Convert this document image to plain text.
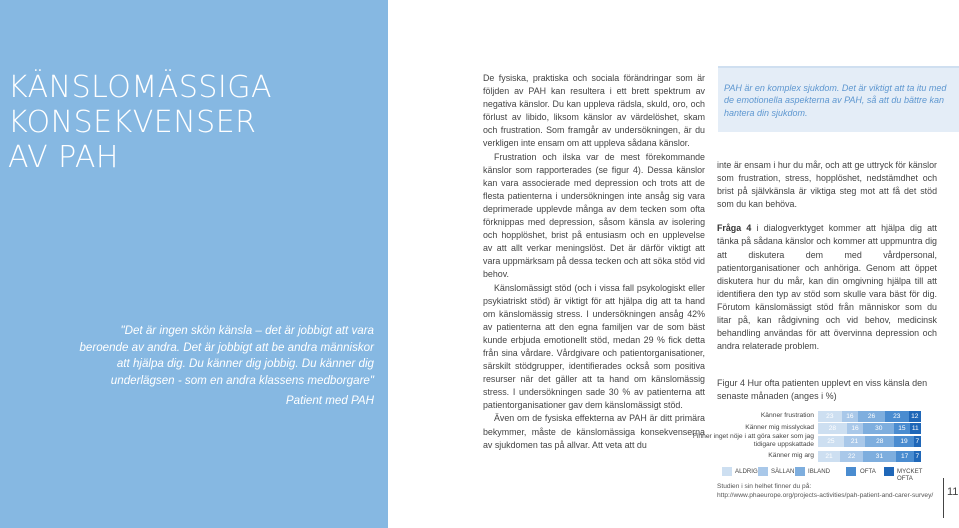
KÄNSLOMÄSSIGA
KONSEKVENSER
AV PAH
"Det är ingen skön känsla – det är jobbigt att vara
beroende av andra. Det är jobbigt att be andra människor
att hjälpa dig. Du känner dig jobbig. Du känner dig
underlägsen - som en andra klassens medborgare"
Patient med PAH

De fysiska, praktiska och sociala förändringar som är följden av PAH kan resultera i ett brett spektrum av negativa känslor. Du kan uppleva rädsla, skuld, oro, och förlust av libido, liksom känslor av värdelöshet, skam och frustration. Som framgår av undersökningen, är du verkligen inte ensam om att uppleva sådana känslor.

Frustration och ilska var de mest förekommande känslor som rapporterades (se figur 4). Dessa känslor kan vara associerade med depression och trots att de flesta patienterna i undersökningen inte ansåg sig vara deprimerade upplevde många av dem tecken som ofta förknippas med depression, såsom känsla av isolering och hopplöshet, brist på entusiasm och en upplevelse av att allt verkar meningslöst. Det är därför viktigt att vara uppmärksam på dessa tecken och att söka stöd vid behov.

Känslomässigt stöd (och i vissa fall psykologiskt eller psykiatriskt stöd) är viktigt för att hjälpa dig att ta hand om känslomässig stress. I undersökningen ansåg 42% av patienterna att den egna familjen var de som bäst kunde erbjuda emotionellt stöd, medan 29 % fick detta från sina vårdare. Vårdgivare och patientorganisationer, särskilt stödgrupper, identifierades också som positiva resurser när det gäller att ta hand om känslomässig stress. I undersökningen sade 30 % av patienterna att patientorganisationer gav dem känslomässigt stöd.

Även om de fysiska effekterna av PAH är ditt primära bekymmer, måste de känslomässiga konsekvenserna av sjukdomen tas på allvar. Att veta att du

PAH är en komplex sjukdom. Det är viktigt att ta itu med de emotionella aspekterna av PAH, så att du bättre kan hantera din sjukdom.

inte är ensam i hur du mår, och att ge uttryck för känslor som frustration, stress, hopplöshet, nedstämdhet och brist på självkänsla är viktiga steg mot att få det stöd som du kan behöva.

Fråga 4 i dialogverktyget kommer att hjälpa dig att tänka på sådana känslor och kommer att uppmuntra dig att diskutera dem med vårdpersonal, patientorganisationer och anhöriga. Genom att öppet diskutera hur du mår, kan din omgivning hjälpa till att identifiera den typ av stöd som skulle vara bäst för dig. Förutom känslomässigt stöd från människor som du litar på, kan rådgivning och vid behov, medicinsk behandling användas för att övervinna depression och andra relaterade problem.

Figur 4 Hur ofta patienten upplevt en viss känsla den senaste månaden (anges i %)
Känner frustration	23	16	26	23	12
Känner mig misslyckad	28	16	30	15 11
Finner inget nöje i att göra saker som jag tidigare uppskattade	25	21	28	19	7
Känner mig arg	21	22	31	17	7
ALDRIG SÄLLAN IBLAND	OFTA	MYCKET OFTA
Studien i sin helhet finner du på:
http://www.phaeurope.org/projects-activities/pah-patient-and-carer-survey/	11
